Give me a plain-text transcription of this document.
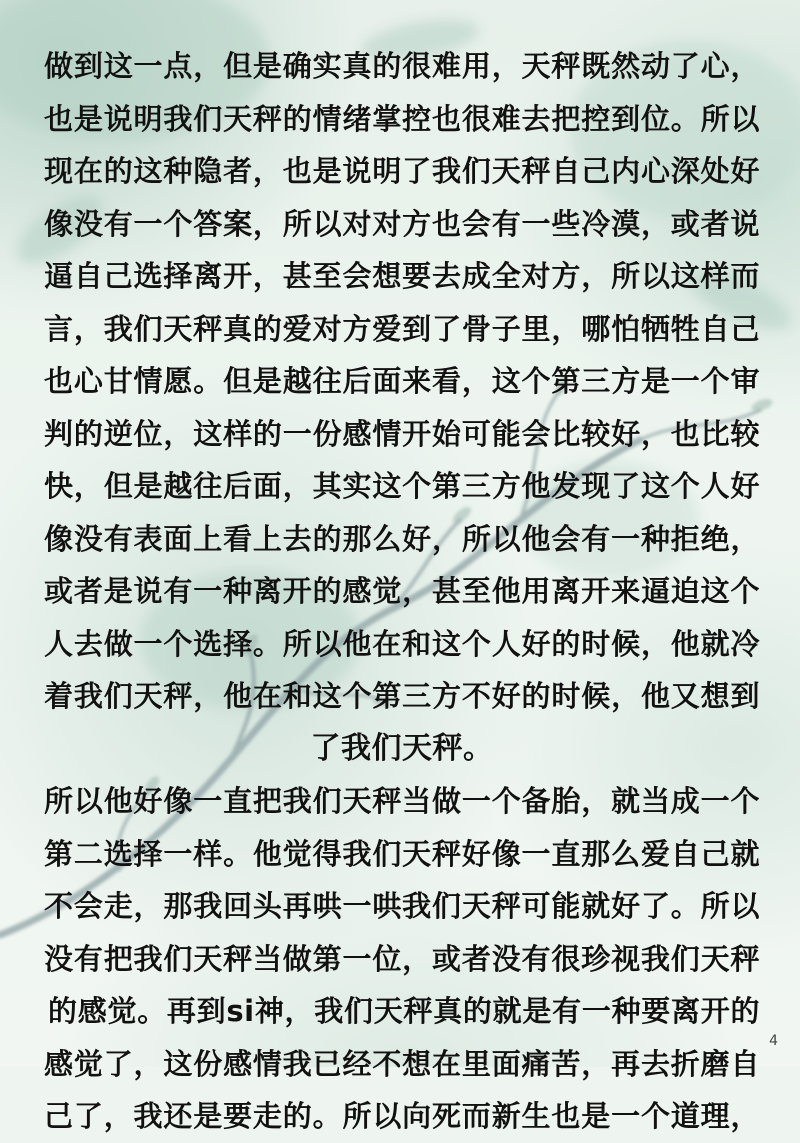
做到这一点，但是确实真的很难用，天秤既然动了心，
也是说明我们天秤的情绪掌控也很难去把控到位。所以
现在的这种隐者，也是说明了我们天秤自己内心深处好
像没有一个答案，所以对对方也会有一些冷漠，或者说
逼自己选择离开，甚至会想要去成全对方，所以这样而
言，我们天秤真的爱对方爱到了骨子里，哪怕牺牲自己
也心甘情愿。但是越往后面来看，这个第三方是一个审
判的逆位，这样的一份感情开始可能会比较好，也比较
快，但是越往后面，其实这个第三方他发现了这个人好
像没有表面上看上去的那么好，所以他会有一种拒绝，
或者是说有一种离开的感觉，甚至他用离开来逼迫这个
人去做一个选择。所以他在和这个人好的时候，他就冷
着我们天秤，他在和这个第三方不好的时候，他又想到
了我们天秤。
所以他好像一直把我们天秤当做一个备胎，就当成一个
第二选择一样。他觉得我们天秤好像一直那么爱自己就
不会走，那我回头再哄一哄我们天秤可能就好了。所以
没有把我们天秤当做第一位，或者没有很珍视我们天秤
的感觉。再到si神，我们天秤真的就是有一种要离开的
感觉了，这份感情我已经不想在里面痛苦，再去折磨自
己了，我还是要走的。所以向死而新生也是一个道理，
4
